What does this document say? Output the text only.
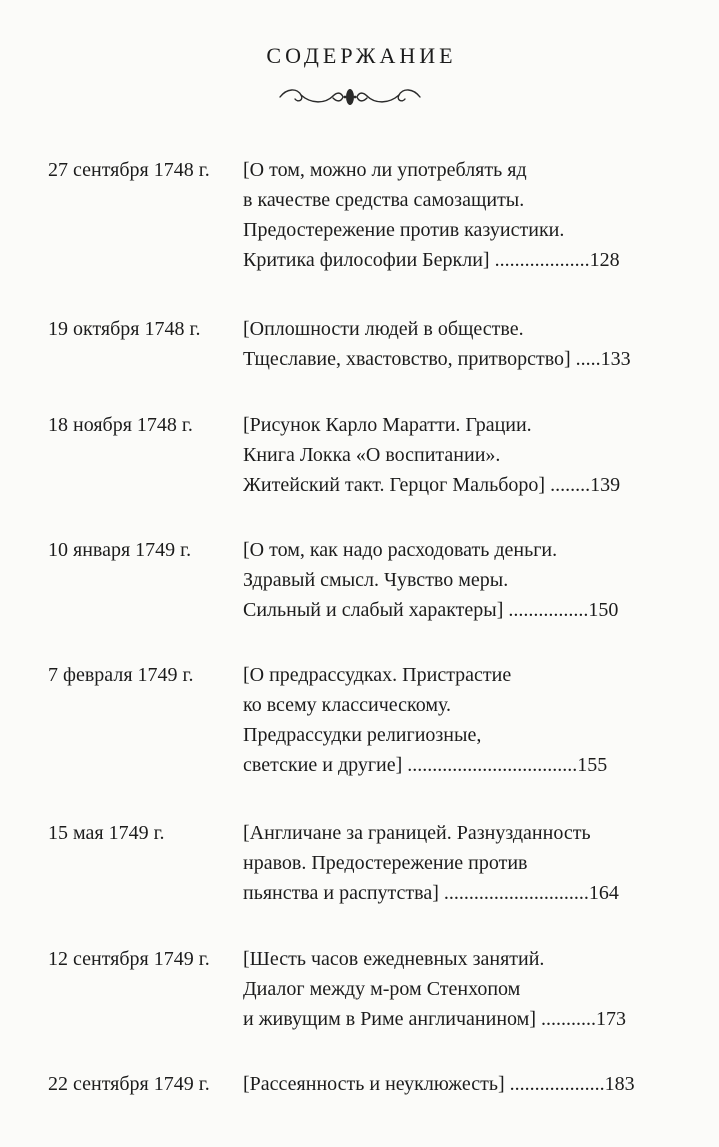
СОДЕРЖАНИЕ
27 сентября 1748 г. [О том, можно ли употреблять яд
в качестве средства самозащиты.
Предостережение против казуистики.
Критика философии Беркли] ...................128
19 октября 1748 г. [Оплошности людей в обществе.
Тщеславие, хвастовство, притворство] .....133
18 ноября 1748 г.	[Рисунок Карло Маратти. Грации.
Книга Локка «О воспитании».
Житейский такт. Герцог Мальборо] ........139
10 января 1749 г.	[О том, как надо расходовать деньги.
Здравый смысл. Чувство меры.
Сильный и слабый характеры] ................150
7 февраля 1749 г. [О предрассудках. Пристрастие
ко всему классическому.
Предрассудки религиозные,
светские и другие] ..................................155
15 мая 1749 г.	[Англичане за границей. Разнузданность
нравов. Предостережение против
пьянства и распутства] .............................164
12 сентября 1749 г. [Шесть часов ежедневных занятий.
Диалог между м-ром Стенхопом
и живущим в Риме англичанином] ...........173
22 сентября 1749 г. [Рассеянность и неуклюжесть] ...................183
